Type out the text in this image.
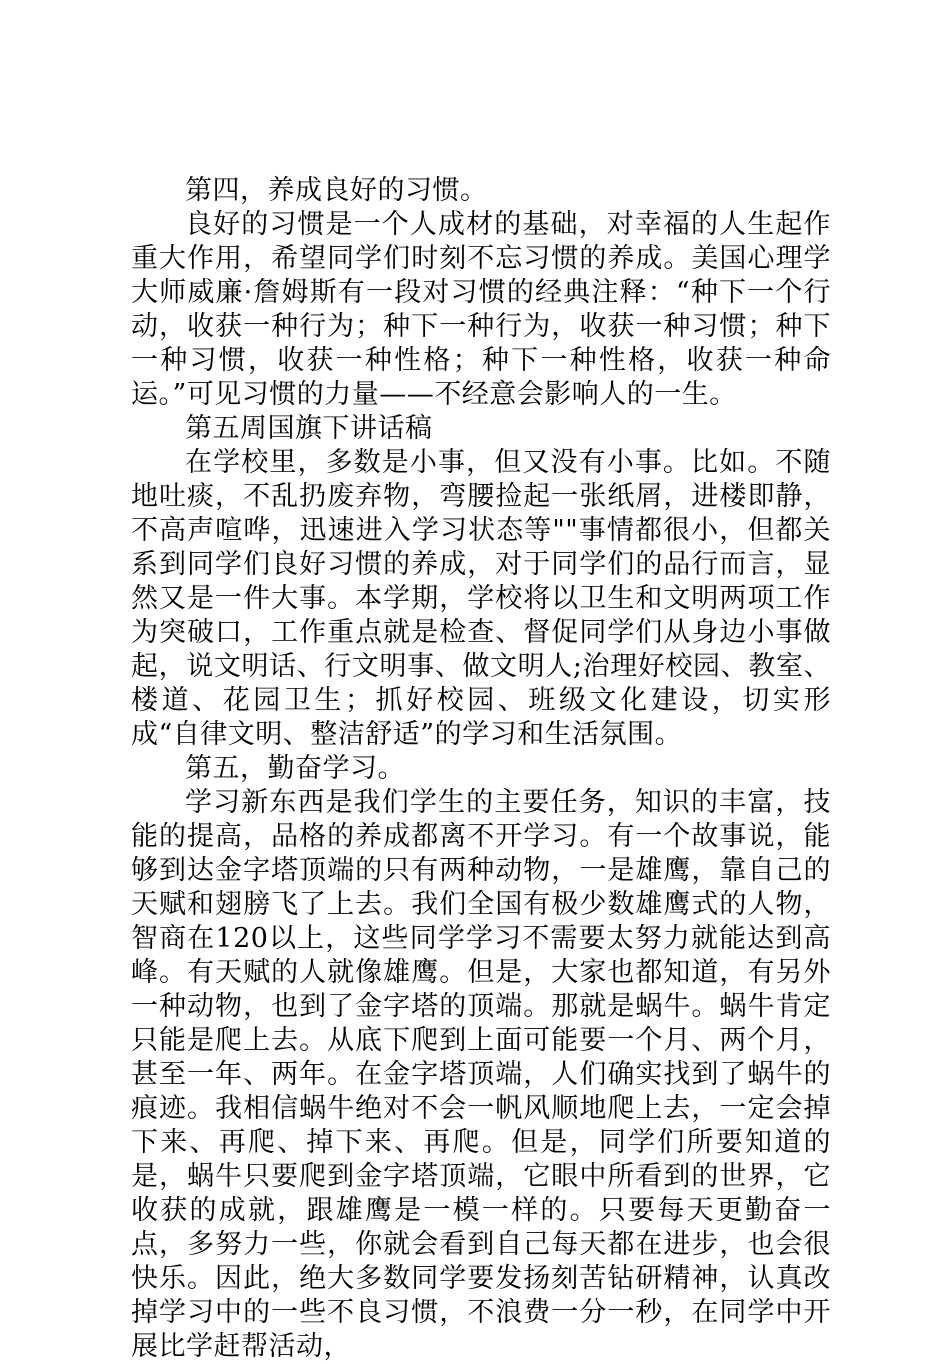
第四，养成良好的习惯。

良好的习惯是一个人成材的基础，对幸福的人生起作重大作用，希望同学们时刻不忘习惯的养成。美国心理学大师威廉·詹姆斯有一段对习惯的经典注释：“种下一个行动，收获一种行为；种下一种行为，收获一种习惯；种下一种习惯，收获一种性格；种下一种性格，收获一种命运。”可见习惯的力量——不经意会影响人的一生。

第五周国旗下讲话稿

在学校里，多数是小事，但又没有小事。比如。不随地吐痰，不乱扔废弃物，弯腰捡起一张纸屑，进楼即静，不高声喧哗，迅速进入学习状态等""事情都很小，但都关系到同学们良好习惯的养成，对于同学们的品行而言，显然又是一件大事。本学期，学校将以卫生和文明两项工作为突破口，工作重点就是检查、督促同学们从身边小事做起，说文明话、行文明事、做文明人;治理好校园、教室、楼道、花园卫生；抓好校园、班级文化建设，切实形成“自律文明、整洁舒适”的学习和生活氛围。

第五，勤奋学习。

学习新东西是我们学生的主要任务，知识的丰富，技能的提高，品格的养成都离不开学习。有一个故事说，能够到达金字塔顶端的只有两种动物，一是雄鹰，靠自己的天赋和翅膀飞了上去。我们全国有极少数雄鹰式的人物，智商在120以上，这些同学学习不需要太努力就能达到高峰。有天赋的人就像雄鹰。但是，大家也都知道，有另外一种动物，也到了金字塔的顶端。那就是蜗牛。蜗牛肯定只能是爬上去。从底下爬到上面可能要一个月、两个月，甚至一年、两年。在金字塔顶端，人们确实找到了蜗牛的痕迹。我相信蜗牛绝对不会一帆风顺地爬上去，一定会掉下来、再爬、掉下来、再爬。但是，同学们所要知道的是，蜗牛只要爬到金字塔顶端，它眼中所看到的世界，它收获的成就，跟雄鹰是一模一样的。只要每天更勤奋一点，多努力一些，你就会看到自己每天都在进步，也会很快乐。因此，绝大多数同学要发扬刻苦钻研精神，认真改掉学习中的一些不良习惯，不浪费一分一秒，在同学中开展比学赶帮活动，
